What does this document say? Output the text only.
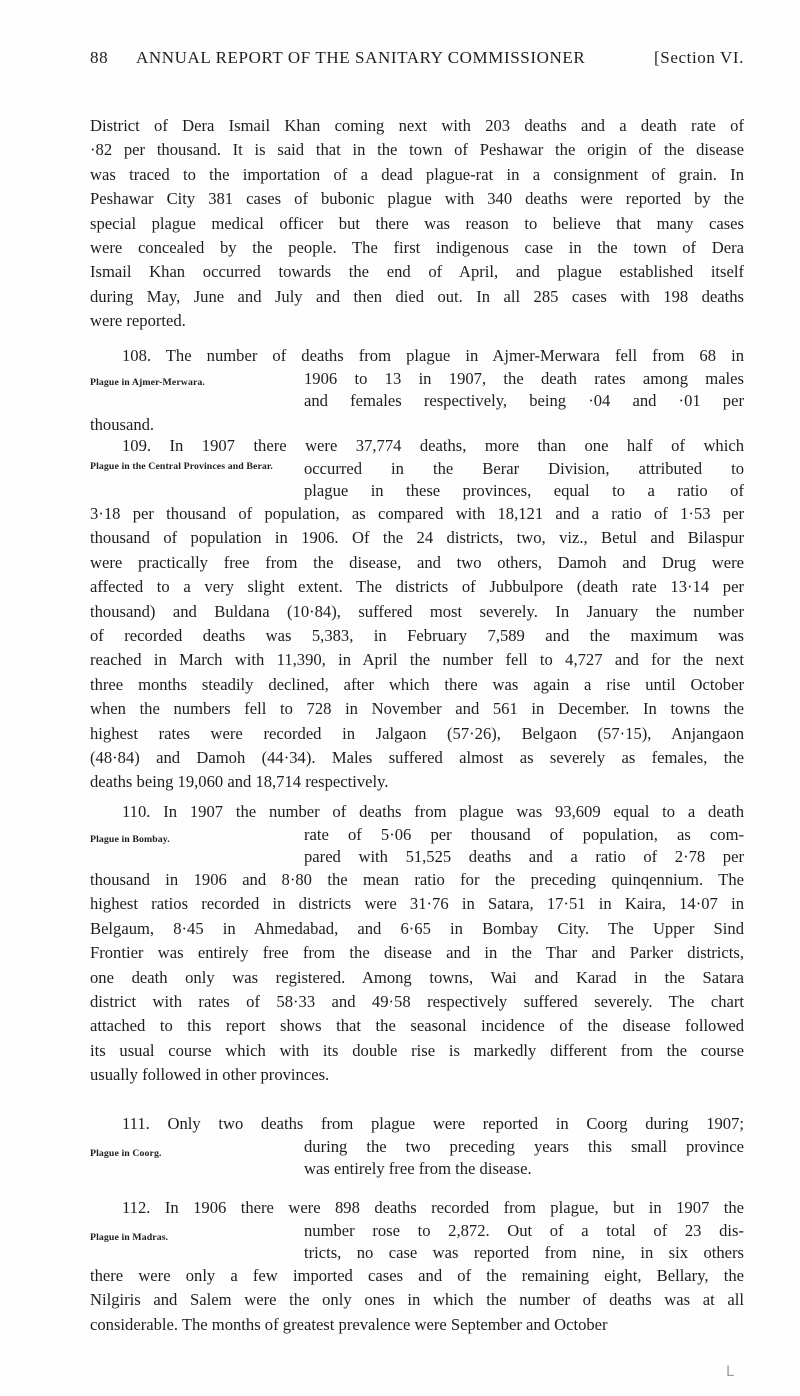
88 ANNUAL REPORT OF THE SANITARY COMMISSIONER	[Section VI.
District of Dera Ismail Khan coming next with 203 deaths and a death rate of
·82 per thousand. It is said that in the town of Peshawar the origin of the disease
was traced to the importation of a dead plague-rat in a consignment of grain. In
Peshawar City 381 cases of bubonic plague with 340 deaths were reported by the
special plague medical officer but there was reason to believe that many cases
were concealed by the people. The first indigenous case in the town of Dera
Ismail Khan occurred towards the end of April, and plague established itself
during May, June and July and then died out. In all 285 cases with 198 deaths
were reported.
108. The number of deaths from plague in Ajmer-Merwara fell from 68 in
Plague in Ajmer-Merwara.	1906 to 13 in 1907, the death rates among males
and females respectively, being ·04 and ·01 per
thousand.
109. In 1907 there were 37,774 deaths, more than one half of which
Plague in the Central Provinces and Berar.	occurred in the Berar Division, attributed to
plague in these provinces, equal to a ratio of
3·18 per thousand of population, as compared with 18,121 and a ratio of 1·53 per
thousand of population in 1906. Of the 24 districts, two, viz., Betul and Bilaspur
were practically free from the disease, and two others, Damoh and Drug were
affected to a very slight extent. The districts of Jubbulpore (death rate 13·14 per
thousand) and Buldana (10·84), suffered most severely. In January the number
of recorded deaths was 5,383, in February 7,589 and the maximum was
reached in March with 11,390, in April the number fell to 4,727 and for the next
three months steadily declined, after which there was again a rise until October
when the numbers fell to 728 in November and 561 in December. In towns the
highest rates were recorded in Jalgaon (57·26), Belgaon (57·15), Anjangaon
(48·84) and Damoh (44·34). Males suffered almost as severely as females, the
deaths being 19,060 and 18,714 respectively.
110. In 1907 the number of deaths from plague was 93,609 equal to a death
Plague in Bombay.	rate of 5·06 per thousand of population, as com-
pared with 51,525 deaths and a ratio of 2·78 per
thousand in 1906 and 8·80 the mean ratio for the preceding quinqennium. The
highest ratios recorded in districts were 31·76 in Satara, 17·51 in Kaira, 14·07 in
Belgaum, 8·45 in Ahmedabad, and 6·65 in Bombay City. The Upper Sind
Frontier was entirely free from the disease and in the Thar and Parker districts,
one death only was registered. Among towns, Wai and Karad in the Satara
district with rates of 58·33 and 49·58 respectively suffered severely. The chart
attached to this report shows that the seasonal incidence of the disease followed
its usual course which with its double rise is markedly different from the course
usually followed in other provinces.
111. Only two deaths from plague were reported in Coorg during 1907;
Plague in Coorg.	during the two preceding years this small province
was entirely free from the disease.
112. In 1906 there were 898 deaths recorded from plague, but in 1907 the
Plague in Madras.	number rose to 2,872. Out of a total of 23 dis-
tricts, no case was reported from nine, in six others
there were only a few imported cases and of the remaining eight, Bellary, the
Nilgiris and Salem were the only ones in which the number of deaths was at all
considerable. The months of greatest prevalence were September and October
L
